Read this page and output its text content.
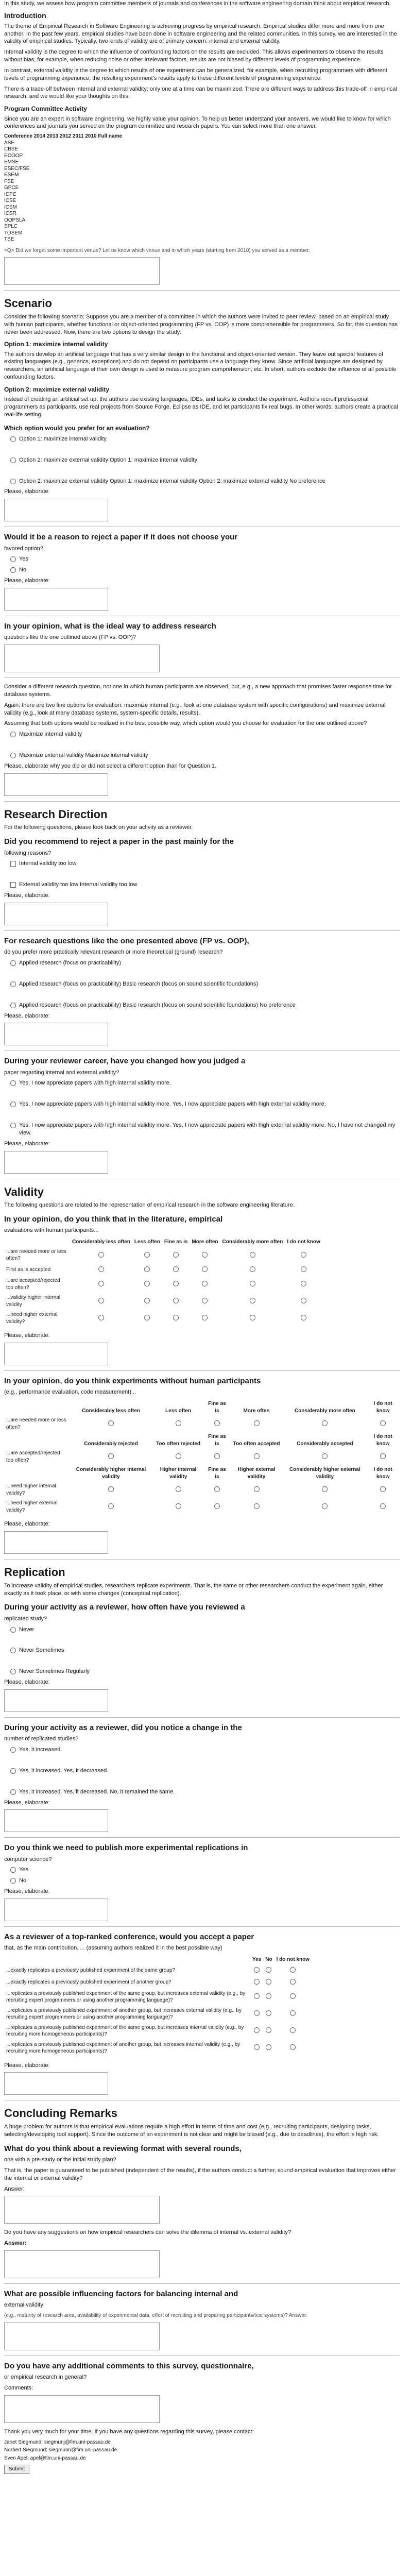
In this study, we assess how program committee members of journals and conferences in the software engineering domain think about empirical research.

Introduction

The theme of Empirical Research in Software Engineering is achieving progress by empirical research. Empirical studies differ more and more from one another. In the past few years, empirical studies have been done in software engineering and the related communities. In this survey, we are interested in the validity of empirical studies. Typically, two kinds of validity are of primary concern: internal and external validity.

Internal validity is the degree to which the influence of confounding factors on the results are excluded. This allows experimenters to observe the results without bias, for example, when reducing noise or other irrelevant factors, results are not biased by different levels of programming experience.

In contrast, external validity is the degree to which results of one experiment can be generalized, for example, when recruiting programmers with different levels of programming experience, the resulting experiment's results apply to these different levels of programming experience.

There is a trade-off between internal and external validity: only one at a time can be maximized. There are different ways to address this trade-off in empirical research, and we would like your thoughts on this.

Program Committee Activity

Since you are an expert in software engineering, we highly value your opinion. To help us better understand your answers, we would like to know for which conferences and journals you served on the program committee and research papers. You can select more than one answer.

Conference 2014 2013 2012 2011 2010 Full name
ASE
CBSE
ECOOP
EMSE
ESEC/FSE
ESEM
FSE
GPCE
ICPC
ICSE
ICSM
ICSR
OOPSLA
SPLC
TOSEM
TSE

<Q> Did we forget some important venue? Let us know which venue and in which years (starting from 2010) you served as a member:

Scenario

Consider the following scenario: Suppose you are a member of a committee in which the authors were invited to peer review, based on an empirical study with human participants, whether functional or object-oriented programming (FP vs. OOP) is more comprehensible for programmers. So far, this question has never been addressed. Now, there are two options to design the study:

Option 1: maximize internal validity

The authors develop an artificial language that has a very similar design in the functional and object-oriented version. They leave out special features of existing languages (e.g., generics, exceptions) and do not depend on participants use a language they know. Since artificial languages are designed by researchers, an artificial language of their own design is used to measure program comprehension, etc. In short, authors exclude the influence of all possible confounding factors.

Option 2: maximize external validity

Instead of creating an artificial set up, the authors use existing languages, IDEs, and tasks to conduct the experiment. Authors recruit professional programmers as participants, use real projects from Source Forge, Eclipse as IDE, and let participants fix real bugs. In other words, authors create a practical real-life setting.

Which option would you prefer for an evaluation?
Option 1: maximize internal validity
Option 2: maximize external validity Option 1: maximize internal validity
Option 2: maximize external validity Option 1: maximize internal validity Option 2: maximize external validity No preference

Please, elaborate:

Would it be a reason to reject a paper if it does not choose your

favored option?

Yes
No

Please, elaborate:

In your opinion, what is the ideal way to address research

questions like the one outlined above (FP vs. OOP)?

Consider a different research question, not one in which human participants are observed, but, e.g., a new approach that promises faster response time for database systems.

Again, there are two fine options for evaluation: maximize internal (e.g., look at one database system with specific configurations) and maximize external validity (e.g., look at many database systems, system-specific details, results).

Assuming that both options would be realized in the best possible way, which option would you choose for evaluation for the one outlined above?

Maximize internal validity
Maximize external validity Maximize internal validity

Please, elaborate why you did or did not select a different option than for Question 1.

Research Direction

For the following questions, please look back on your activity as a reviewer.

Did you recommend to reject a paper in the past mainly for the

following reasons?

Internal validity too low
External validity too low Internal validity too low

Please, elaborate:

For research questions like the one presented above (FP vs. OOP),

do you prefer more practically relevant research or more theoretical (ground) research?

Applied research (focus on practicability)
Applied research (focus on practicability) Basic research (focus on sound scientific foundations)
Applied research (focus on practicability) Basic research (focus on sound scientific foundations) No preference

Please, elaborate:

During your reviewer career, have you changed how you judged a

paper regarding internal and external validity?

Yes, I now appreciate papers with high internal validity more.
Yes, I now appreciate papers with high internal validity more. Yes, I now appreciate papers with high external validity more.
Yes, I now appreciate papers with high internal validity more. Yes, I now appreciate papers with high external validity more. No, I have not changed my view.

Please, elaborate:

Validity

The following questions are related to the representation of empirical research in the software engineering literature.

In your opinion, do you think that in the literature, empirical

evaluations with human participants...

	Considerably less often	Less often	Fine as is	More often	Considerably more often	I do not know
...are needed more or less often?						
First as is accepted						
...are accepted/rejected too often?						
...validity higher internal validity						
...need higher external validity?						

Please, elaborate:

In your opinion, do you think experiments without human participants

(e.g., performance evaluation, code measurement)...

	Considerably less often	Less often	Fine as is	More often	Considerably more often	I do not know
...are needed more or less often?						
	Considerably rejected	Too often rejected	Fine as is	Too often accepted	Considerably accepted	I do not know
...are accepted/rejected too often?						
	Considerably higher internal validity	Higher internal validity	Fine as is	Higher external validity	Considerably higher external validity	I do not know
...need higher internal validity?						
...need higher external validity?						

Please, elaborate:

Replication

To increase validity of empirical studies, researchers replicate experiments. That is, the same or other researchers conduct the experiment again, either exactly as it took place, or with some changes (conceptual replication).

During your activity as a reviewer, how often have you reviewed a

replicated study?

Never
Never Sometimes
Never Sometimes Regularly

Please, elaborate:

During your activity as a reviewer, did you notice a change in the

number of replicated studies?

Yes, it increased.
Yes, it increased. Yes, it decreased.
Yes, it increased. Yes, it decreased. No, it remained the same.

Please, elaborate:

Do you think we need to publish more experimental replications in

computer science?

Yes
No

Please, elaborate:

As a reviewer of a top-ranked conference, would you accept a paper

that, as the main contribution, ... (assuming authors realized it in the best possible way)

	Yes	No	I do not know
...exactly replicates a previously published experiment of the same group?			
...exactly replicates a previously published experiment of another group?			
...replicates a previously published experiment of the same group, but increases external validity (e.g., by recruiting expert programmers or using another programming language)?			
...replicates a previously published experiment of another group, but increases external validity (e.g., by recruiting expert programmers or using another programming language)?			
...replicates a previously published experiment of the same group, but increases internal validity (e.g., by recruiting more homogeneous participants)?			
...replicates a previously published experiment of another group, but increases internal validity (e.g., by recruiting more homogeneous participants)?			

Please, elaborate:

Concluding Remarks

A huge problem for authors is that empirical evaluations require a high effort in terms of time and cost (e.g., recruiting participants, designing tasks, selecting/developing tool support). Since the outcome of an experiment is not clear and might be biased (e.g., due to deadlines), the effort is high risk.

What do you think about a reviewing format with several rounds,

one with a pre-study or the initial study plan?

That is, the paper is guaranteed to be published (independent of the results), if the authors conduct a further, sound empirical evaluation that improves either the internal or external validity?

Answer:

Do you have any suggestions on how empirical researchers can solve the dilemma of internal vs. external validity?

Answer:

What are possible influencing factors for balancing internal and

external validity

(e.g., maturity of research area, availability of experimental data, effort of recruiting and preparing participants/test systems)? Answer:

Do you have any additional comments to this survey, questionnaire,

or empirical research in general?

Comments:

Thank you very much for your time. If you have any questions regarding this survey, please contact:

Janet Siegmund: siegmunj@fim.uni-passau.de
Norbert Siegmund: siegmunn@fim.uni-passau.de
Sven Apel: apel@fim.uni-passau.de
Submit
